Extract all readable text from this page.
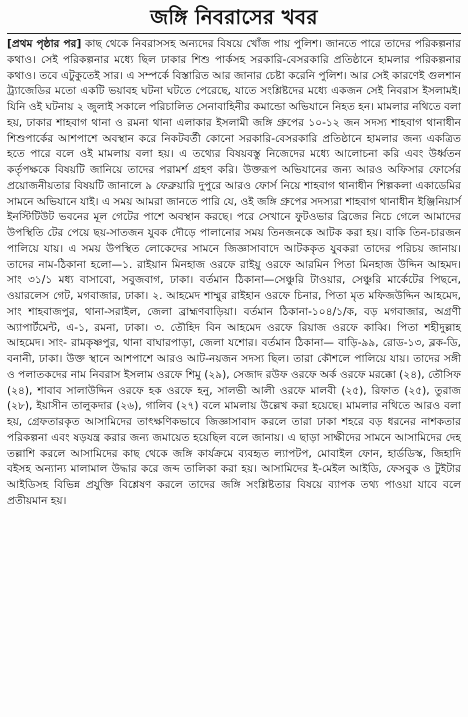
জঙ্গি নিবরাসের খবর

[প্রথম পৃষ্ঠার পর] কাছ থেকে নিবরাসসহ অন্যদের বিষয়ে খোঁজ পায় পুলিশ। জানতে পারে তাদের পরিকল্পনার কথাও। সেই পরিকল্পনার মধ্যে ছিল ঢাকার শিশু পার্কসহ সরকারি-বেসরকারি প্রতিষ্ঠানে হামলার পরিকল্পনার কথাও। তবে এটুকুতেই সার। এ সম্পর্কে বিস্তারিত আর জানার চেষ্টা করেনি পুলিশ। আর সেই কারণেই গুলশান ট্র্যাজেডির মতো একটি ভয়াবহ ঘটনা ঘটতে পেরেছে, যাতে সংশ্লিষ্টদের মধ্যে একজন সেই নিবরাস ইসলামই। যিনি ওই ঘটনায় ২ জুলাই সকালে পরিচালিত সেনাবাহিনীর কমান্ডো অভিযানে নিহত হন। মামলার নথিতে বলা হয়, ঢাকার শাহবাগ থানা ও রমনা থানা এলাকার ইসলামী জঙ্গি গ্রুপের ১০-১২ জন সদস্য শাহবাগ থানাধীন শিশুপার্কের আশপাশে অবস্থান করে নিকটবর্তী কোনো সরকারি-বেসরকারি প্রতিষ্ঠানে হামলার জন্য একত্রিত হতে পারে বলে ওই মামলায় বলা হয়। এ তথ্যের বিষয়বস্তু নিজেদের মধ্যে আলোচনা করি এবং উর্ধ্বতন কর্তৃপক্ষকে বিষয়টি জানিয়ে তাদের পরামর্শ গ্রহণ করি। উক্তরূপ অভিযানের জন্য আরও অফিসার ফোর্সের প্রয়োজনীয়তার বিষয়টি জানালে ৯ ফেব্রুয়ারি দুপুরে আরও ফোর্স নিয়ে শাহবাগ থানাধীন শিল্পকলা একাডেমির সামনে অভিযানে যাই। এ সময় আমরা জানতে পারি যে, ওই জঙ্গি গ্রুপের সদস্যরা শাহবাগ থানাধীন ইঞ্জিনিয়ার্স ইনস্টিটিউট ভবনের মূল গেটের পাশে অবস্থান করছে। পরে সেখানে ফুটওভার ব্রিজের নিচে গেলে আমাদের উপস্থিতি টের পেয়ে ছয়-সাতজন যুবক দৌড়ে পালানোর সময় তিনজনকে আটক করা হয়। বাকি তিন-চারজন পালিয়ে যায়। এ সময় উপস্থিত লোকেদের সামনে জিজ্ঞাসাবাদে আটককৃত যুবকরা তাদের পরিচয় জানায়। তাদের নাম-ঠিকানা হলো—১. রাইয়ান মিনহাজ ওরফে রাইয়ু ওরফে আরমিন পিতা মিনহাজ উদ্দিন আহমদ। সাং ৩১/১ মধ্য বাসাবো, সবুজবাগ, ঢাকা। বর্তমান ঠিকানা—সেঞ্চুরি টাওয়ার, সেঞ্চুরি মার্কেটের পিছনে, ওয়ারলেস গেট, মগবাজার, ঢাকা। ২. আহমেদ শাম্মুর রাইহান ওরফে চিনার, পিতা মৃত মফিজউদ্দিন আহমেদ, সাং শাহবাজপুর, থানা-সরাইল, জেলা ব্রাহ্মণবাড়িয়া। বর্তমান ঠিকানা-১০৪/১/ক, বড় মগবাজার, অগ্রণী অ্যাপার্টমেন্ট, এ-১, রমনা, ঢাকা। ৩. তৌহিদ বিন আহমেদ ওরফে রিয়াজ ওরফে কাব্বি। পিতা শহীদুল্লাহ আহমেদ। সাং- রামকৃষ্ণপুর, থানা বাঘারপাড়া, জেলা যশোর। বর্তমান ঠিকানা— বাড়ি-৯৯, রোড-১৩, ব্লক-ডি, বনানী, ঢাকা। উক্ত স্থানে আশপাশে আরও আট-নয়জন সদস্য ছিল। তারা কৌশলে পালিয়ে যায়। তাদের সঙ্গী ও পলাতকদের নাম নিবরাস ইসলাম ওরফে শিমু (২৯), সেজাদ রউফ ওরফে অর্ক ওরফে মরক্কো (২৪), তৌসিফ (২৪), শাবাব সালাউদ্দিন ওরফে হক ওরফে হনু, সালভী আলী ওরফে মালবী (২৫), রিফাত (২৫), তুরাজ (২৮), ইয়াসীন তালুকদার (২৬), গালিব (২৭) বলে মামলায় উল্লেখ করা হয়েছে। মামলার নথিতে আরও বলা হয়, গ্রেফতারকৃত আসামিদের তাৎক্ষণিকভাবে জিজ্ঞাসাবাদ করলে তারা ঢাকা শহরে বড় ধরনের নাশকতার পরিকল্পনা এবং ষড়যন্ত্র করার জন্য জমায়েত হয়েছিল বলে জানায়। এ ছাড়া সাক্ষীদের সামনে আসামিদের দেহ তল্লাশি করলে আসামিদের কাছ থেকে জঙ্গি কার্যক্রমে ব্যবহৃত ল্যাপটপ, মোবাইল ফোন, হার্ডডিস্ক, জিহাদি বইসহ অন্যান্য মালামাল উদ্ধার করে জব্দ তালিকা করা হয়। আসামিদের ই-মেইল আইডি, ফেসবুক ও টুইটার আইডিসহ বিভিন্ন প্রযুক্তি বিশ্লেষণ করলে তাদের জঙ্গি সংশ্লিষ্টতার বিষয়ে ব্যাপক তথ্য পাওয়া যাবে বলে প্রতীয়মান হয়।
